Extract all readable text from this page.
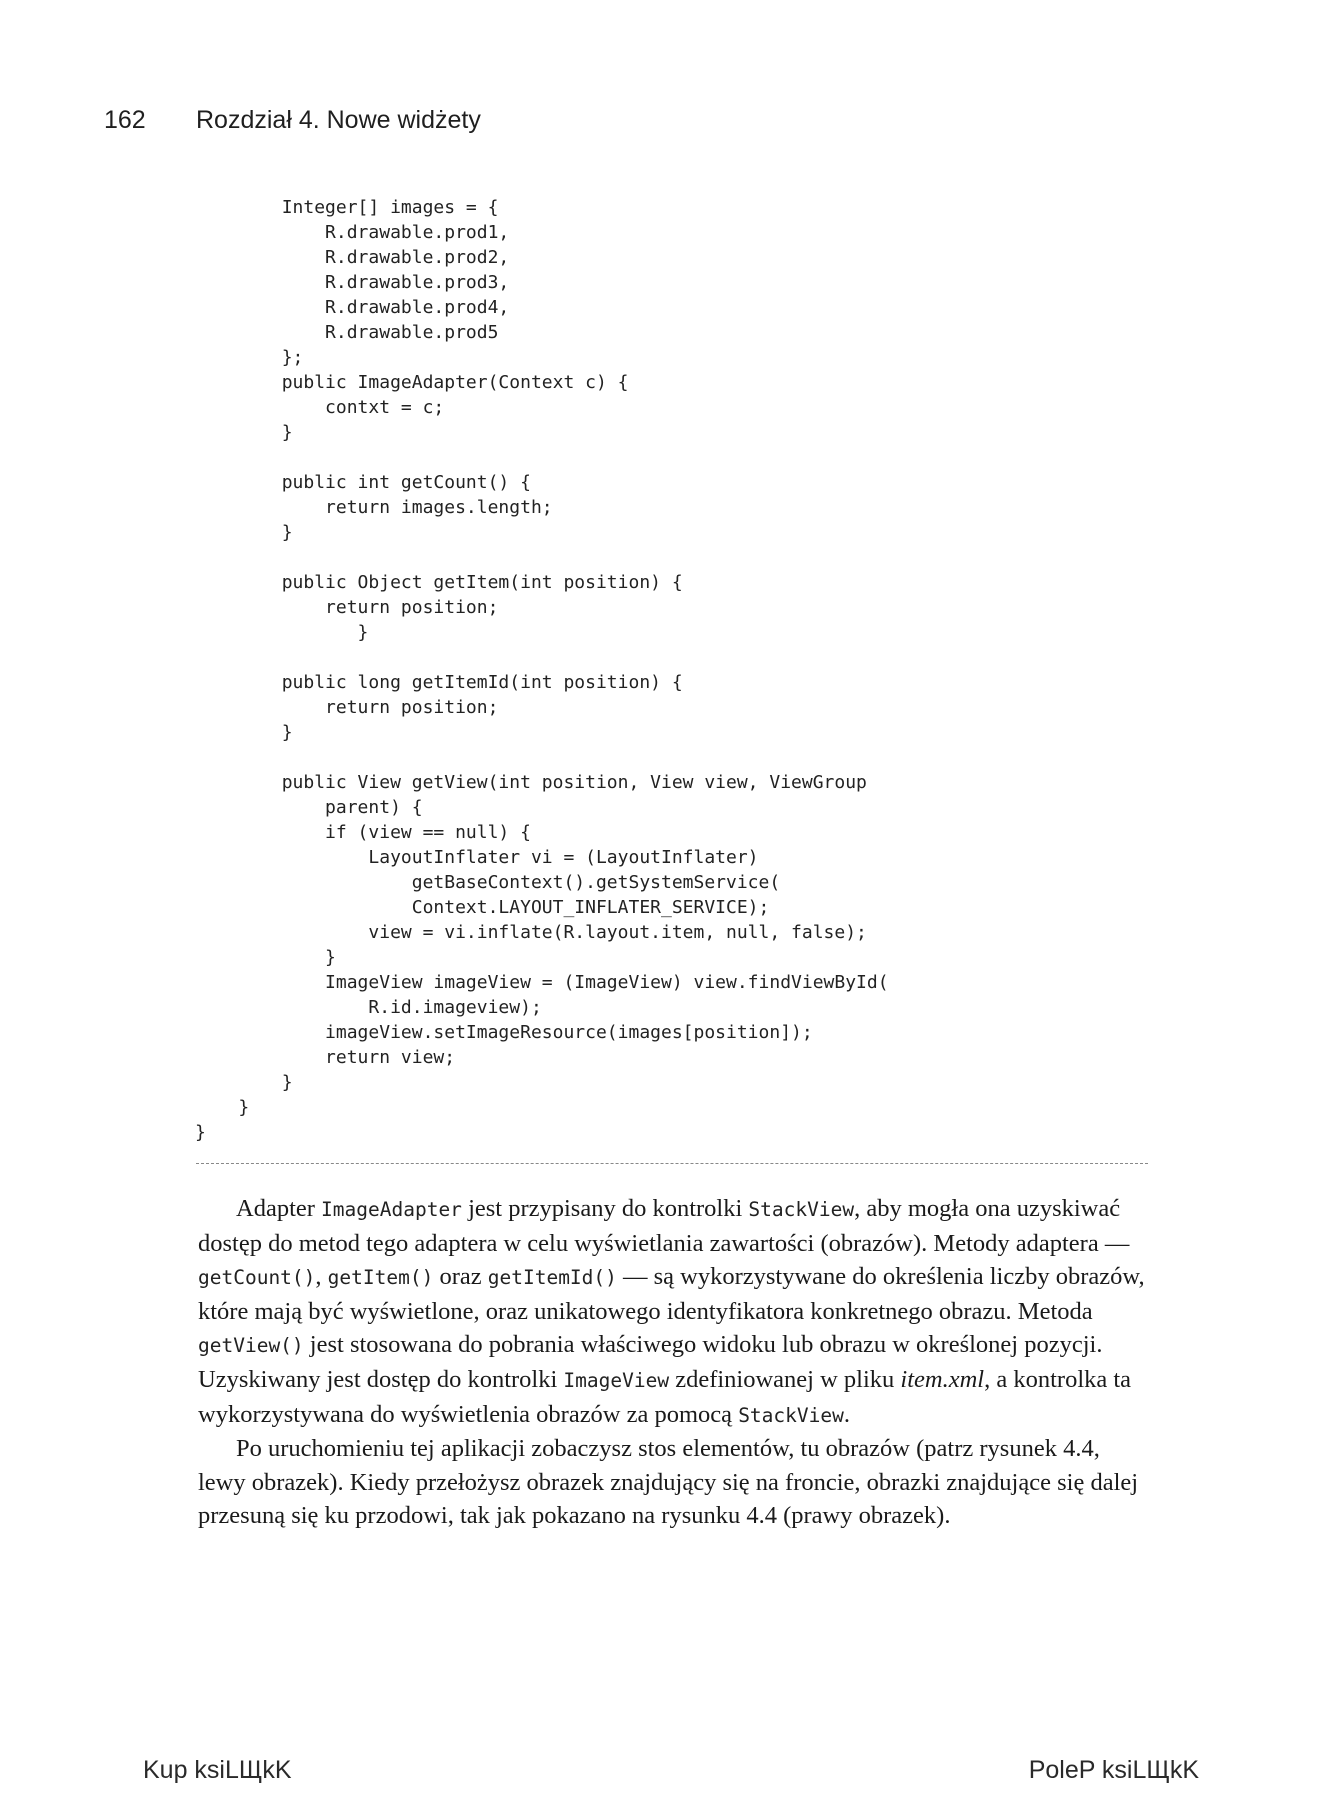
162 Rozdział 4. Nowe widżety
Integer[] images = {
R.drawable.prod1,
R.drawable.prod2,
R.drawable.prod3,
R.drawable.prod4,
R.drawable.prod5
};
public ImageAdapter(Context c) {
contxt = c;
}

public int getCount() {
return images.length;
}

public Object getItem(int position) {
return position;
}

public long getItemId(int position) {
return position;
}

public View getView(int position, View view, ViewGroup
parent) {
if (view == null) {
LayoutInflater vi = (LayoutInflater)
getBaseContext().getSystemService(
Context.LAYOUT_INFLATER_SERVICE);
view = vi.inflate(R.layout.item, null, false);
}
ImageView imageView = (ImageView) view.findViewById(
R.id.imageview);
imageView.setImageResource(images[position]);
return view;
}
}
}

Adapter ImageAdapter jest przypisany do kontrolki StackView, aby mogła ona uzyskiwać dostęp do metod tego adaptera w celu wyświetlania zawartości (obrazów). Metody adaptera — getCount(), getItem() oraz getItemId() — są wykorzystywane do określenia liczby obrazów, które mają być wyświetlone, oraz unikatowego identyfikatora konkretnego obrazu. Metoda getView() jest stosowana do pobrania właściwego widoku lub obrazu w określonej pozycji. Uzyskiwany jest dostęp do kontrolki ImageView zdefiniowanej w pliku item.xml, a kontrolka ta wykorzystywana do wyświetlenia obrazów za pomocą StackView.

Po uruchomieniu tej aplikacji zobaczysz stos elementów, tu obrazów (patrz rysunek 4.4, lewy obrazek). Kiedy przełożysz obrazek znajdujący się na froncie, obrazki znajdujące się dalej przesuną się ku przodowi, tak jak pokazano na rysunku 4.4 (prawy obrazek).

Kup ksiLЩkK	PoleP ksiLЩkK
